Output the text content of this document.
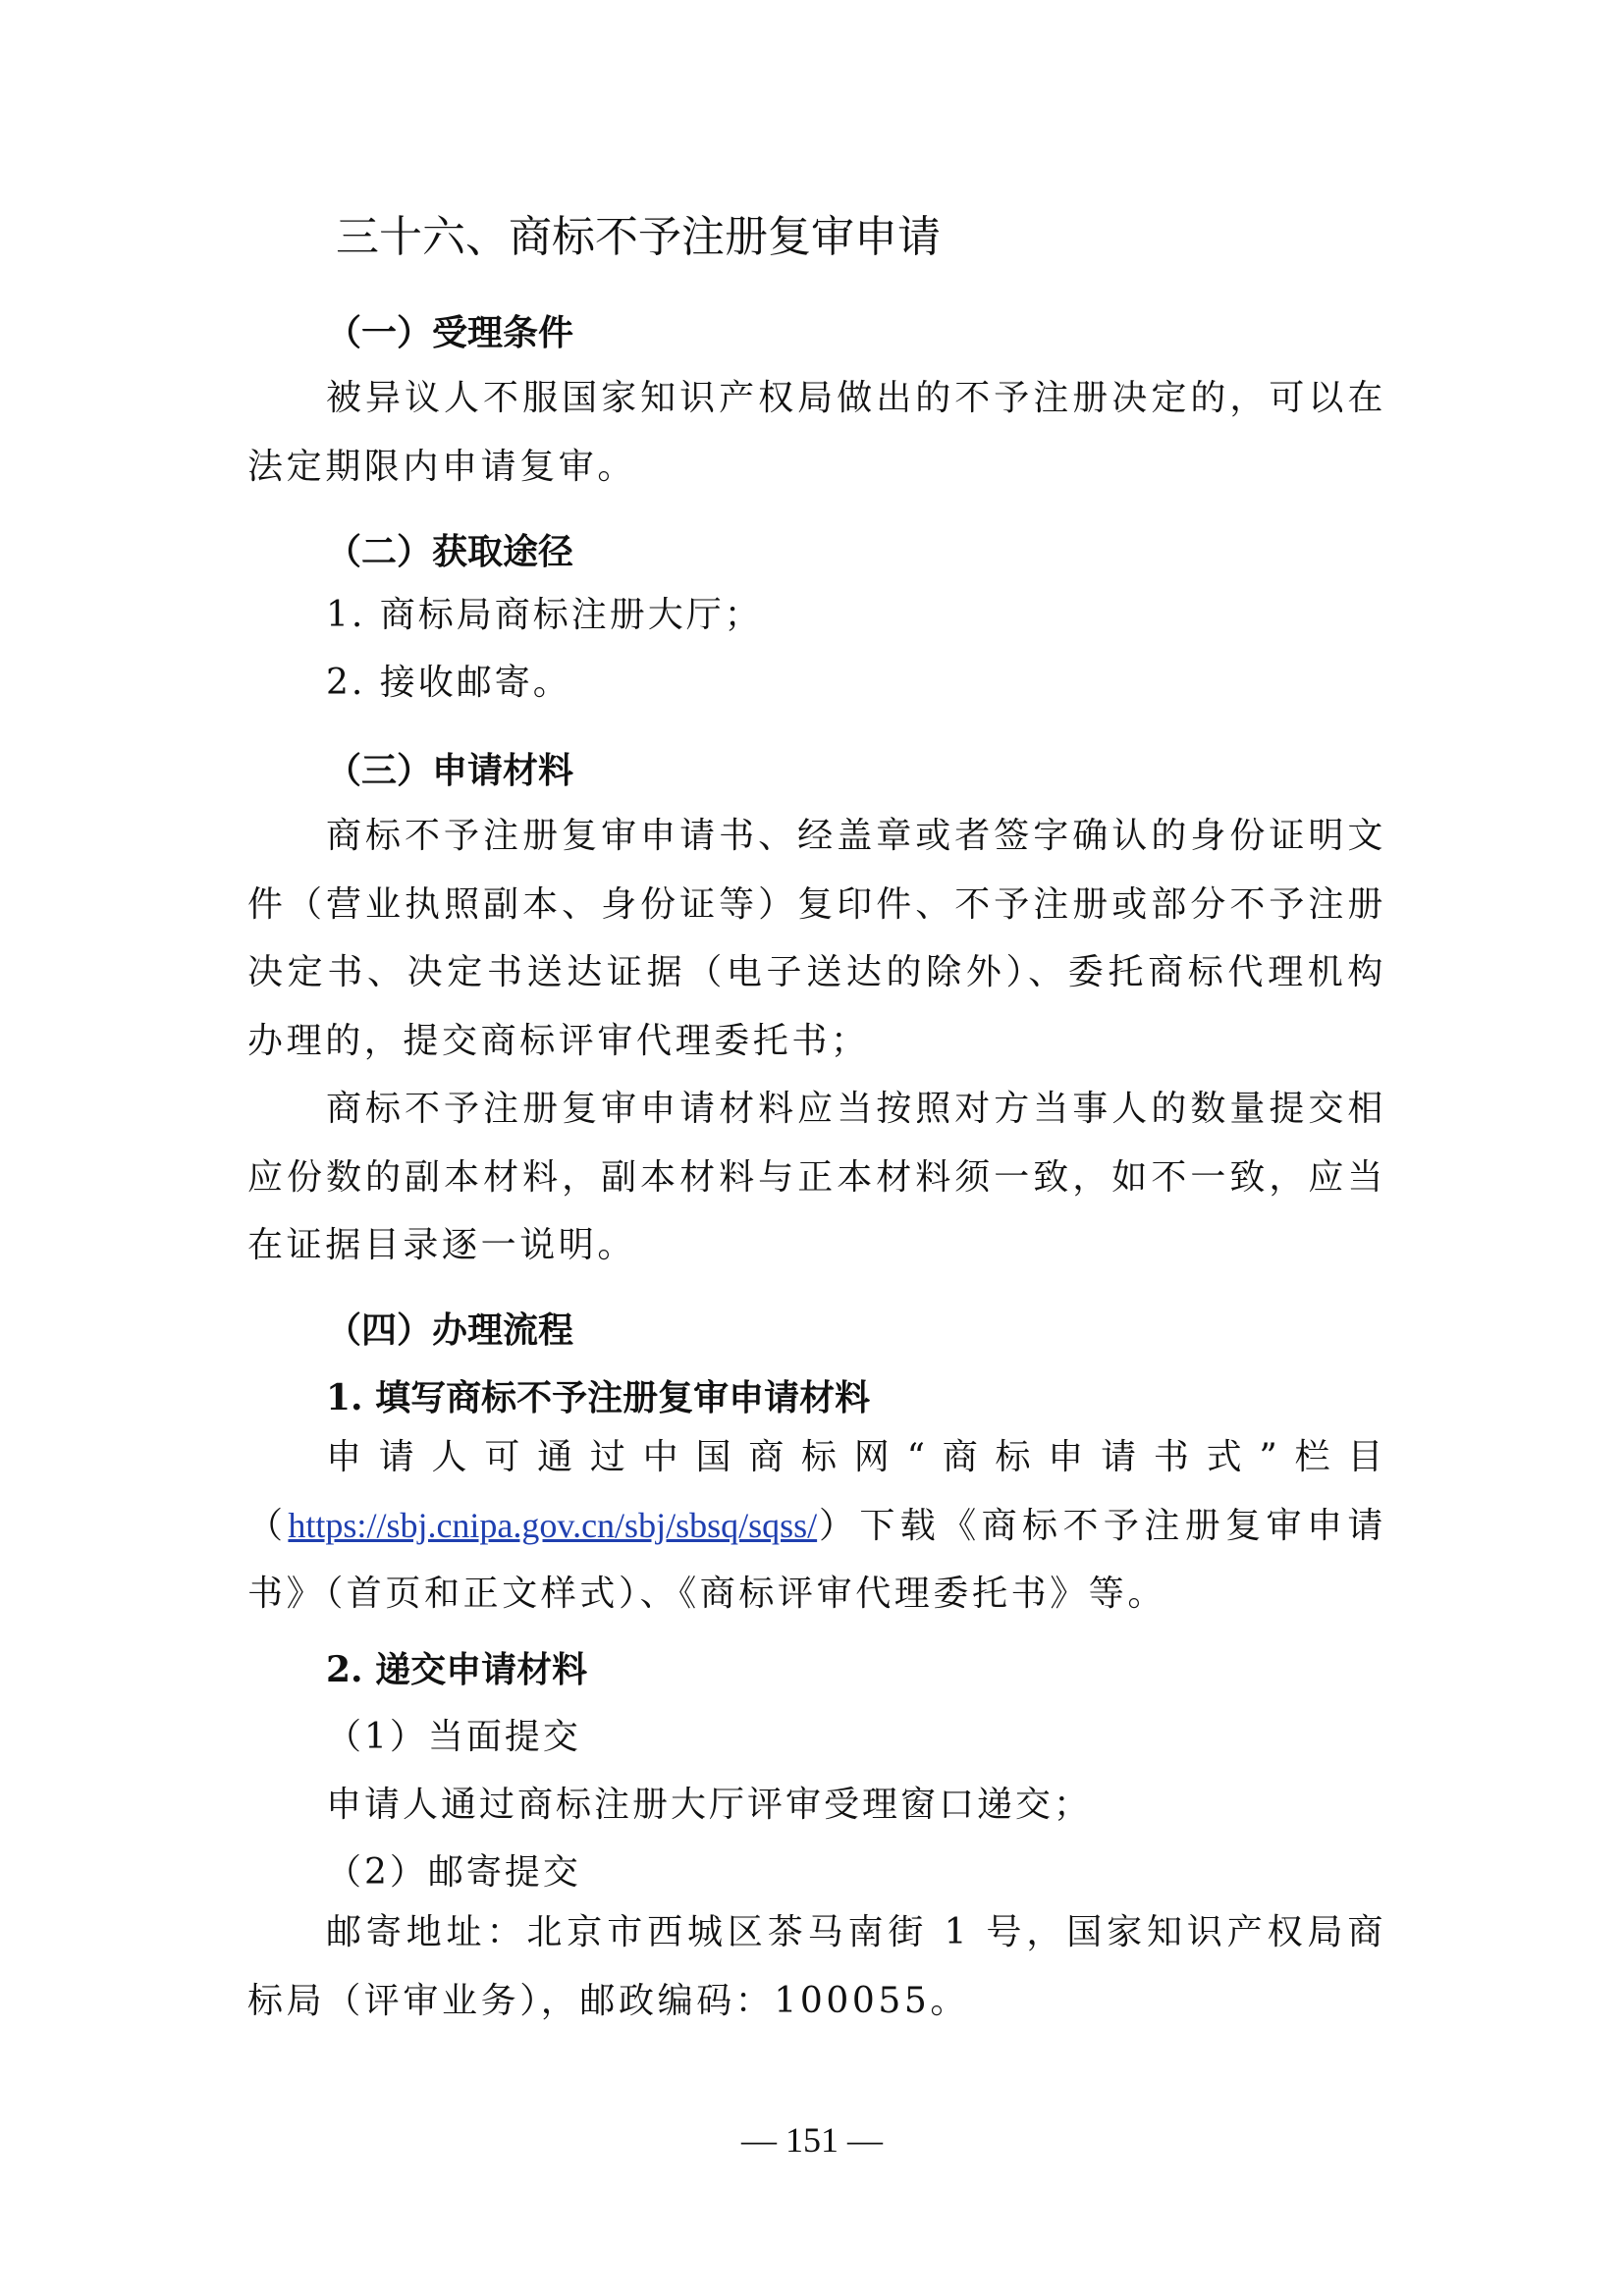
三十六、商标不予注册复审申请
（一）受理条件

被异议人不服国家知识产权局做出的不予注册决定的，可以在法定期限内申请复审。

（二）获取途径

1. 商标局商标注册大厅；

2. 接收邮寄。

（三）申请材料

商标不予注册复审申请书、经盖章或者签字确认的身份证明文件（营业执照副本、身份证等）复印件、不予注册或部分不予注册决定书、决定书送达证据（电子送达的除外）、委托商标代理机构办理的，提交商标评审代理委托书；

商标不予注册复审申请材料应当按照对方当事人的数量提交相应份数的副本材料，副本材料与正本材料须一致，如不一致，应当在证据目录逐一说明。

（四）办理流程

1. 填写商标不予注册复审申请材料

申请人可通过中国商标网“商标申请书式”栏目（https://sbj.cnipa.gov.cn/sbj/sbsq/sqss/）下载《商标不予注册复审申请书》（首页和正文样式）、《商标评审代理委托书》等。

2. 递交申请材料

（1）当面提交

申请人通过商标注册大厅评审受理窗口递交；

（2）邮寄提交

邮寄地址：北京市西城区茶马南街 1 号，国家知识产权局商标局（评审业务），邮政编码：100055。

— 151 —
